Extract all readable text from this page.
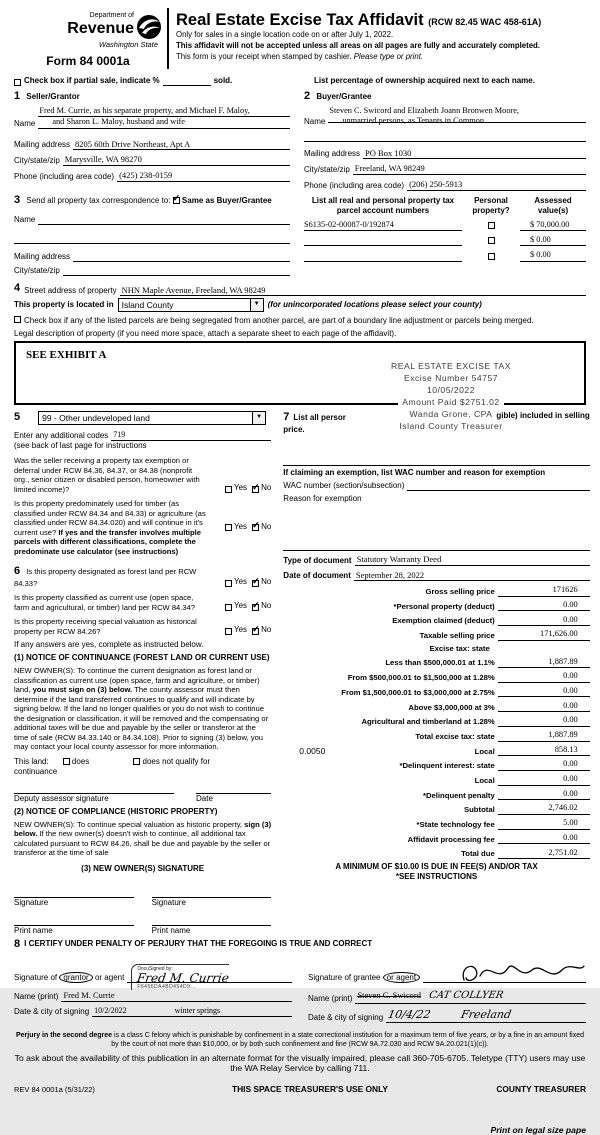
Department of
Revenue
Washington State
Form 84 0001a
Real Estate Excise Tax Affidavit (RCW 82.45 WAC 458-61A)
Only for sales in a single location code on or after July 1, 2022.
This affidavit will not be accepted unless all areas on all pages are fully and accurately completed.
This form is your receipt when stamped by cashier. Please type or print.
Check box if partial sale, indicate %	sold.	List percentage of ownership acquired next to each name.
1 Seller/Grantor
Name
Fred M. Currie, as his separate property, and Michael F. Maloy,
and Sharon L. Maloy, husband and wife
Mailing address 8205 60th Drive Northeast, Apt A
City/state/zip Marysville, WA 98270
Phone (including area code) (425) 238-0159
3 Send all property tax correspondence to: ✓ Same as Buyer/Grantee
Name
Mailing address
City/state/zip
2 Buyer/Grantee
Name
Steven C. Swicord and Elizabeth Joann Bronwen Moore,
unmarried persons, as Tenants in Common
Mailing address PO Box 1030
City/state/zip Freeland, WA 98249
Phone (including area code) (206) 250-5913
List all real and personal property tax parcel account numbers
Personal property?
Assessed value(s)
S6135-02-00087-0/192874	$ 70,000.00
$ 0.00
$ 0.00
4 Street address of property NHN Maple Avenue, Freeland, WA 98249
This property is located in Island County	▼ (for unincorporated locations please select your county)
Check box if any of the listed parcels are being segregated from another parcel, are part of a boundary line adjustment or parcels being merged.
Legal description of property (if you need more space, attach a separate sheet to each page of the affidavit).
SEE EXHIBIT A
REAL ESTATE EXCISE TAX
Excise Number 54757
10/05/2022
Amount Paid $2751.02
Wanda Grone, CPA
Island County Treasurer
5	99 - Other undeveloped land	▼
Enter any additional codes 719
(see back of last page for instructions
Was the seller receiving a property tax exemption or deferral under RCW 84.36, 84.37, or 84.38 (nonprofit org., senior citizen or disabled person, homeowner with limited income)?	Yes ✓ No
Is this property predominately used for timber (as classified under RCW 84.34 and 84.33) or agriculture (as classified under RCW 84.34.020) and will continue in it's current use? If yes and the transfer involves multiple parcels with different classifications, complete the predominate use calculator (see instructions)
Yes ✓ No
6 Is this property designated as forest land per RCW 84.33?	Yes ✓ No
Is this property classified as current use (open space, farm and agricultural, or timber) land per RCW 84.34?	Yes ✓ No
Is this property receiving special valuation as historical property per RCW 84.26?	Yes ✓ No
If any answers are yes, complete as instructed below.
(1) NOTICE OF CONTINUANCE (FOREST LAND OR CURRENT USE)
NEW OWNER(S): To continue the current designation as forest land or classification as current use (open space, farm and agriculture, or timber) land, you must sign on (3) below. The county assessor must then determine if the land transferred continues to qualify and will indicate by signing below. If the land no longer qualifies or you do not wish to continue the designation or classification, it will be removed and the compensating or additional taxes will be due and payable by the seller or transferor at the time of sale (RCW 84.33.140 or 84.34.108). Prior to signing (3) below, you may contact your local county assessor for more information.
This land:	does	does not qualify for
continuance
Deputy assessor signature	Date
(2) NOTICE OF COMPLIANCE (HISTORIC PROPERTY)
NEW OWNER(S): To continue special valuation as historic property, sign (3) below. If the new owner(s) doesn't wish to continue, all additional tax calculated pursuant to RCW 84.26, shall be due and payable by the seller or transferor at the time of sale
(3) NEW OWNER(S) SIGNATURE
Signature	Signature
Print name	Print name
7 List all persor	gible) included in selling
price.
If claiming an exemption, list WAC number and reason for exemption
WAC number (section/subsection)
Reason for exemption
Type of document Statutory Warranty Deed
Date of document September 28, 2022
Gross selling price	171626
*Personal property (deduct)	0.00
Exemption claimed (deduct)	0.00
Taxable selling price	171,626.00
Excise tax: state
Less than $500,000.01 at 1.1%	1,887.89
From $500,000.01 to $1,500,000 at 1.28%	0.00
From $1,500,000.01 to $3,000,000 at 2.75%	0.00
Above $3,000,000 at 3%	0.00
Agricultural and timberland at 1.28%	0.00
Total excise tax: state	1,887.89
0.0050	Local	858.13
*Delinquent interest: state	0.00
Local	0.00
*Delinquent penalty	0.00
Subtotal	2,746.02
*State technology fee	5.00
Affidavit processing fee	0.00
Total due	2,751.02
A MINIMUM OF $10.00 IS DUE IN FEE(S) AND/OR TAX
*SEE INSTRUCTIONS
8 I CERTIFY UNDER PENALTY OF PERJURY THAT THE FOREGOING IS TRUE AND CORRECT
Signature of grantor or agent
DocuSigned by:
Fred M. Currie
F6456DA4BD454D9...
Name (print) Fred M. Currie
Date & city of signing 10/2/2022	winter springs
Signature of grantee or agent
Name (print) Steven C. Swicord CAT COLLYER
Date & city of signing 10/4/22	Freeland
Perjury in the second degree is a class C felony which is punishable by confinement in a state correctional institution for a maximum term of five years, or by a fine in an amount fixed by the court of not more than $10,000, or by both such confinement and fine (RCW 9A.72.030 and RCW 9A.20.021(1)(c)).
To ask about the availability of this publication in an alternate format for the visually impaired, please call 360-705-6705. Teletype (TTY) users may use the WA Relay Service by calling 711.
REV 84 0001a (5/31/22)	THIS SPACE TREASURER'S USE ONLY	COUNTY TREASURER
Print on legal size pape
